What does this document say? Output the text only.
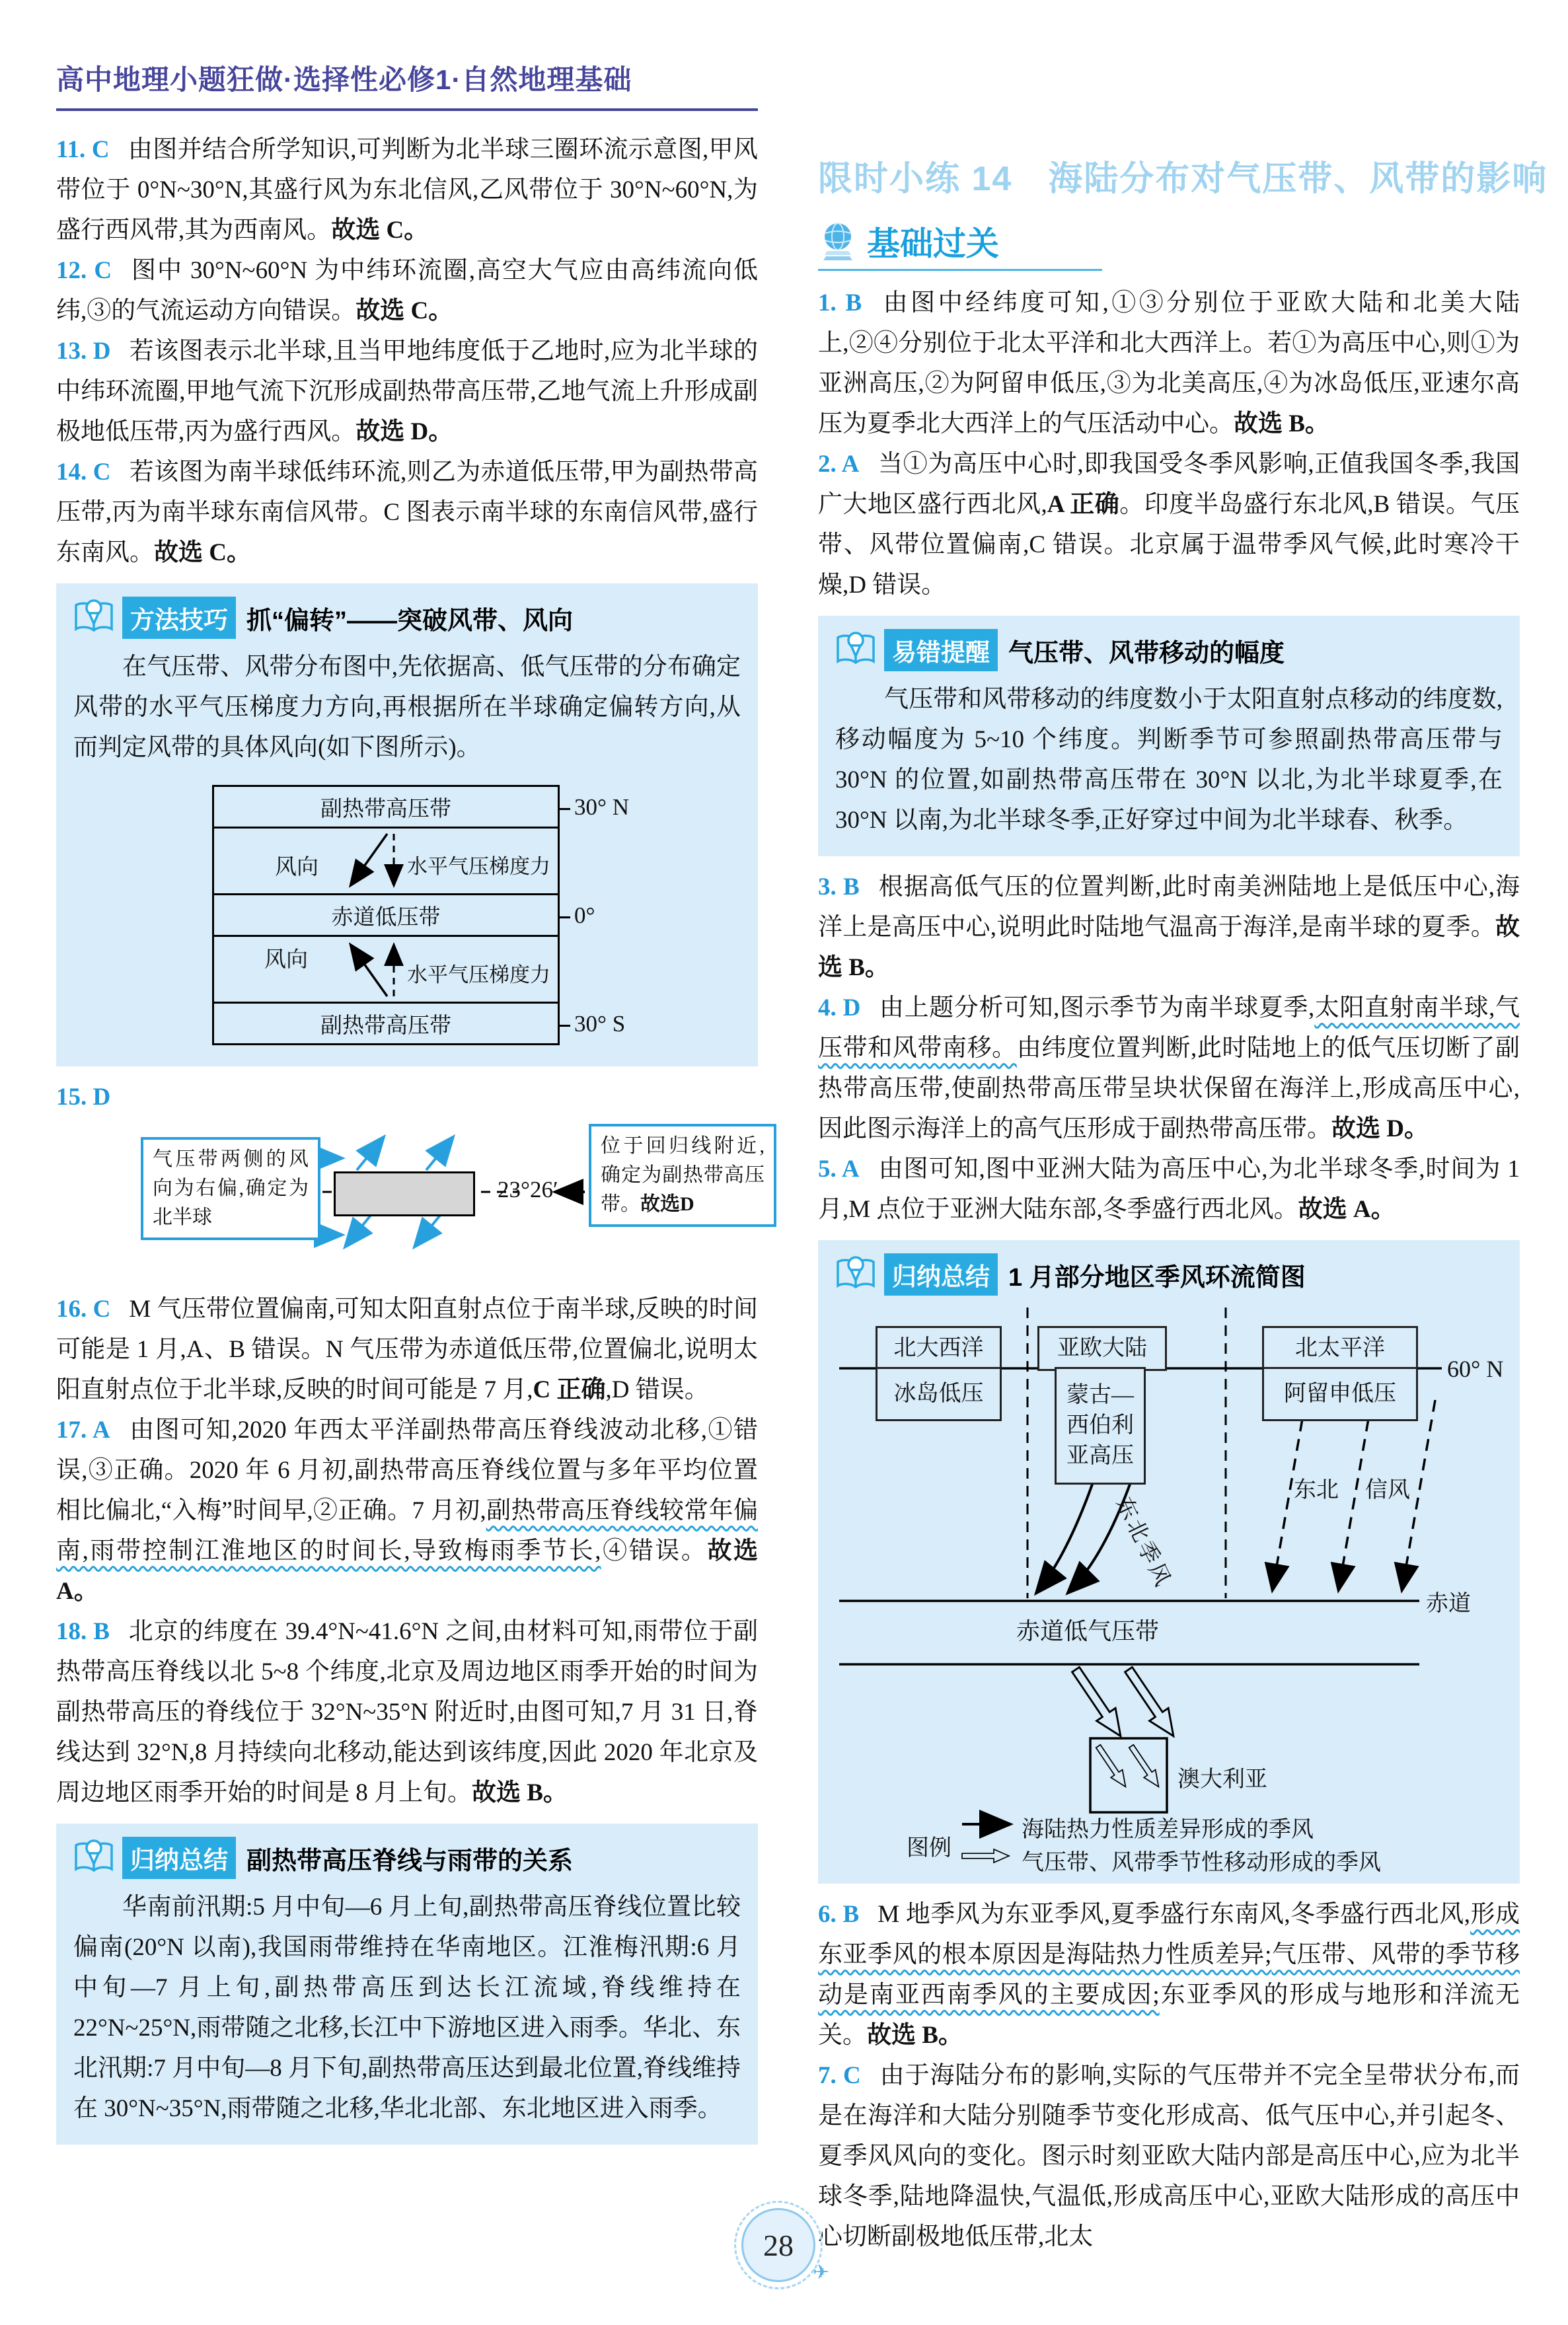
高中地理小题狂做·选择性必修1·自然地理基础

11. C 由图并结合所学知识,可判断为北半球三圈环流示意图,甲风带位于 0°N~30°N,其盛行风为东北信风,乙风带位于 30°N~60°N,为盛行西风带,其为西南风。故选 C。

12. C 图中 30°N~60°N 为中纬环流圈,高空大气应由高纬流向低纬,③的气流运动方向错误。故选 C。

13. D 若该图表示北半球,且当甲地纬度低于乙地时,应为北半球的中纬环流圈,甲地气流下沉形成副热带高压带,乙地气流上升形成副极地低压带,丙为盛行西风。故选 D。

14. C 若该图为南半球低纬环流,则乙为赤道低压带,甲为副热带高压带,丙为南半球东南信风带。C 图表示南半球的东南信风带,盛行东南风。故选 C。

方法技巧 抓“偏转”——突破风带、风向

在气压带、风带分布图中,先依据高、低气压带的分布确定风带的水平气压梯度力方向,再根据所在半球确定偏转方向,从而判定风带的具体风向(如下图所示)。

副热带高压带
风向	水平气压梯度力
赤道低压带
风向
水平气压梯度力
副热带高压带
30° N
0°
30° S

15. D

气压带两侧的风向为右偏,确定为北半球
23°26′
位于回归线附近, 确定为副热带高压带。故选D

16. C M 气压带位置偏南,可知太阳直射点位于南半球,反映的时间可能是 1 月,A、B 错误。N 气压带为赤道低压带,位置偏北,说明太阳直射点位于北半球,反映的时间可能是 7 月,C 正确,D 错误。

17. A 由图可知,2020 年西太平洋副热带高压脊线波动北移,①错误,③正确。2020 年 6 月初,副热带高压脊线位置与多年平均位置相比偏北,“入梅”时间早,②正确。7 月初,副热带高压脊线较常年偏南,雨带控制江淮地区的时间长,导致梅雨季节长,④错误。故选 A。

18. B 北京的纬度在 39.4°N~41.6°N 之间,由材料可知,雨带位于副热带高压脊线以北 5~8 个纬度,北京及周边地区雨季开始的时间为副热带高压的脊线位于 32°N~35°N 附近时,由图可知,7 月 31 日,脊线达到 32°N,8 月持续向北移动,能达到该纬度,因此 2020 年北京及周边地区雨季开始的时间是 8 月上旬。故选 B。

归纳总结 副热带高压脊线与雨带的关系

华南前汛期:5 月中旬—6 月上旬,副热带高压脊线位置比较偏南(20°N 以南),我国雨带维持在华南地区。江淮梅汛期:6 月中旬—7 月上旬,副热带高压到达长江流域,脊线维持在 22°N~25°N,雨带随之北移,长江中下游地区进入雨季。华北、东北汛期:7 月中旬—8 月下旬,副热带高压达到最北位置,脊线维持在 30°N~35°N,雨带随之北移,华北北部、东北地区进入雨季。

限时小练 14　海陆分布对气压带、风带的影响
基础过关

1. B 由图中经纬度可知,①③分别位于亚欧大陆和北美大陆上,②④分别位于北太平洋和北大西洋上。若①为高压中心,则①为亚洲高压,②为阿留申低压,③为北美高压,④为冰岛低压,亚速尔高压为夏季北大西洋上的气压活动中心。故选 B。

2. A 当①为高压中心时,即我国受冬季风影响,正值我国冬季,我国广大地区盛行西北风,A 正确。印度半岛盛行东北风,B 错误。气压带、风带位置偏南,C 错误。北京属于温带季风气候,此时寒冷干燥,D 错误。

易错提醒 气压带、风带移动的幅度

气压带和风带移动的纬度数小于太阳直射点移动的纬度数,移动幅度为 5~10 个纬度。判断季节可参照副热带高压带与 30°N 的位置,如副热带高压带在 30°N 以北,为北半球夏季,在 30°N 以南,为北半球冬季,正好穿过中间为北半球春、秋季。

3. B 根据高低气压的位置判断,此时南美洲陆地上是低压中心,海洋上是高压中心,说明此时陆地气温高于海洋,是南半球的夏季。故选 B。

4. D 由上题分析可知,图示季节为南半球夏季,太阳直射南半球,气压带和风带南移。由纬度位置判断,此时陆地上的低气压切断了副热带高压带,使副热带高压带呈块状保留在海洋上,形成高压中心,因此图示海洋上的高气压形成于副热带高压带。故选 D。

5. A 由图可知,图中亚洲大陆为高压中心,为北半球冬季,时间为 1 月,M 点位于亚洲大陆东部,冬季盛行西北风。故选 A。

归纳总结 1 月部分地区季风环流简图
北大西洋
冰岛低压
亚欧大陆
蒙古—西伯利亚高压
北太平洋
阿留申低压
60° N
东北季风
东北 信风
赤道
赤道低气压带
澳大利亚
图例
海陆热力性质差异形成的季风
气压带、风带季节性移动形成的季风

6. B M 地季风为东亚季风,夏季盛行东南风,冬季盛行西北风,形成东亚季风的根本原因是海陆热力性质差异;气压带、风带的季节移动是南亚西南季风的主要成因;东亚季风的形成与地形和洋流无关。故选 B。

7. C 由于海陆分布的影响,实际的气压带并不完全呈带状分布,而是在海洋和大陆分别随季节变化形成高、低气压中心,并引起冬、夏季风风向的变化。图示时刻亚欧大陆内部是高压中心,应为北半球冬季,陆地降温快,气温低,形成高压中心,亚欧大陆形成的高压中心切断副极地低压带,北太

28
✈
